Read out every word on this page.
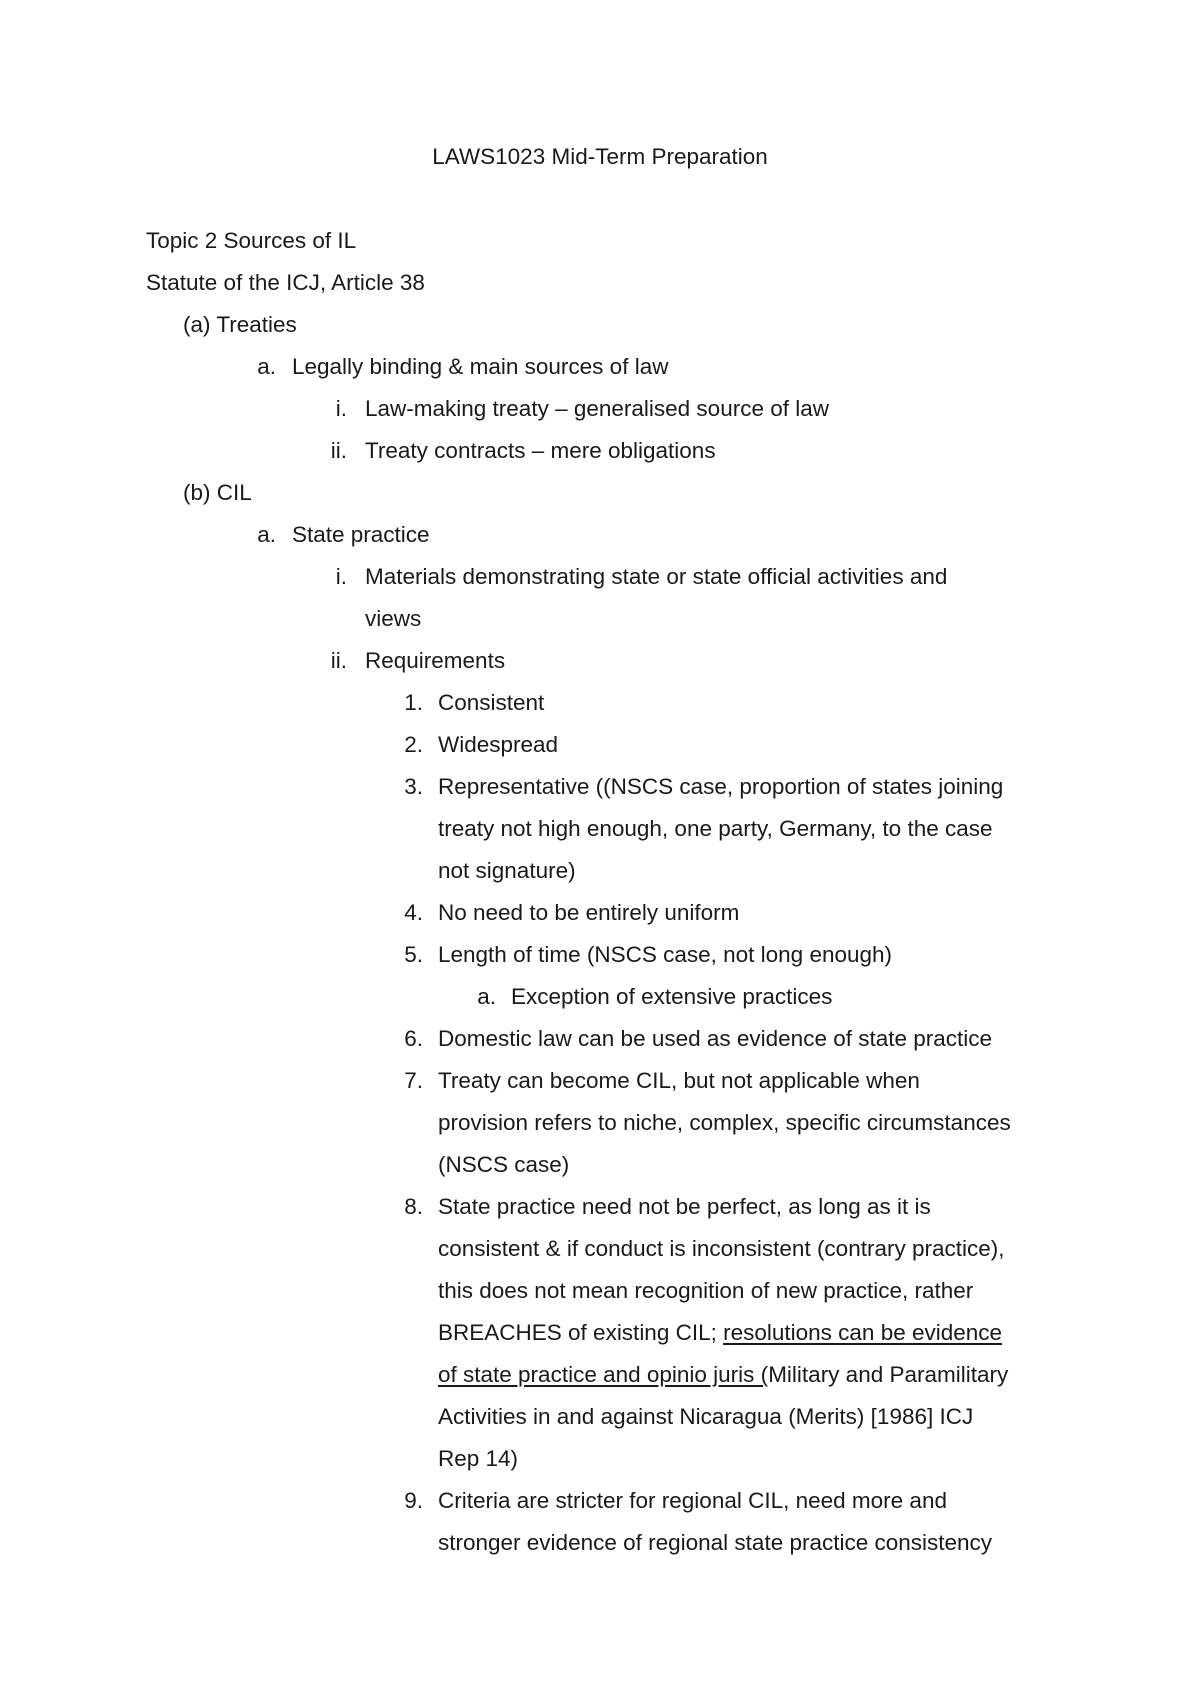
LAWS1023 Mid-Term Preparation

Topic 2 Sources of IL

Statute of the ICJ, Article 38

(a) Treaties

a. Legally binding & main sources of law

i. Law-making treaty – generalised source of law

ii. Treaty contracts – mere obligations

(b) CIL

a. State practice

i. Materials demonstrating state or state official activities and

views

ii. Requirements

1. Consistent

2. Widespread

3. Representative ((NSCS case, proportion of states joining

treaty not high enough, one party, Germany, to the case

not signature)

4. No need to be entirely uniform

5. Length of time (NSCS case, not long enough)

a. Exception of extensive practices

6. Domestic law can be used as evidence of state practice

7. Treaty can become CIL, but not applicable when

provision refers to niche, complex, specific circumstances

(NSCS case)

8. State practice need not be perfect, as long as it is

consistent & if conduct is inconsistent (contrary practice),

this does not mean recognition of new practice, rather

BREACHES of existing CIL; resolutions can be evidence

of state practice and opinio juris (Military and Paramilitary

Activities in and against Nicaragua (Merits) [1986] ICJ

Rep 14)

9. Criteria are stricter for regional CIL, need more and

stronger evidence of regional state practice consistency
